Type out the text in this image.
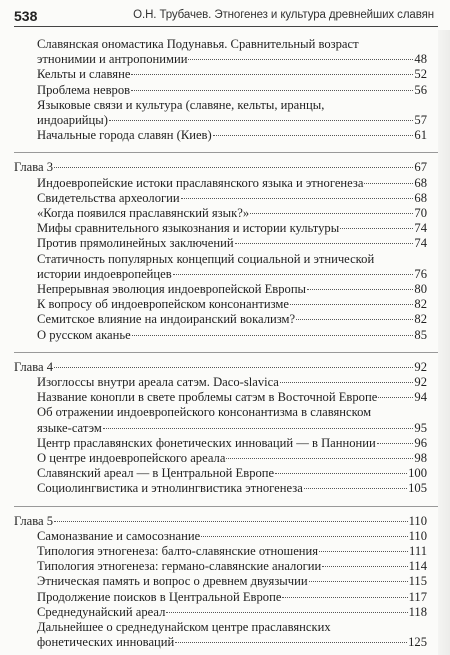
538	О.Н. Трубачев. Этногенез и культура древнейших славян
Славянская ономастика Подунавья. Сравнительный возраст
этнонимии и антропонимии	48
Кельты и славяне	52
Проблема невров	56
Языковые связи и культура (славяне, кельты, иранцы,
индоарийцы)	57
Начальные города славян (Киев)	61
Глава 3	67
Индоевропейские истоки праславянского языка и этногенеза	68
Свидетельства археологии	68
«Когда появился праславянский язык?»	70
Мифы сравнительного языкознания и истории культуры	74
Против прямолинейных заключений	74
Статичность популярных концепций социальной и этнической
истории индоевропейцев	76
Непрерывная эволюция индоевропейской Европы	80
К вопросу об индоевропейском консонантизме	82
Семитское влияние на индоиранский вокализм?	82
О русском аканье	85
Глава 4	92
Изоглоссы внутри ареала сатэм. Daco-slavica	92
Название конопли в свете проблемы сатэм в Восточной Европе	94
Об отражении индоевропейского консонантизма в славянском
языке-сатэм	95
Центр праславянских фонетических инноваций — в Паннонии	96
О центре индоевропейского ареала	98
Славянский ареал — в Центральной Европе	100
Социолингвистика и этнолингвистика этногенеза	105
Глава 5	110
Самоназвание и самосознание	110
Типология этногенеза: балто-славянские отношения	111
Типология этногенеза: германо-славянские аналогии	114
Этническая память и вопрос о древнем двуязычии	115
Продолжение поисков в Центральной Европе	117
Среднедунайский ареал	118
Дальнейшее о среднедунайском центре праславянских
фонетических инноваций	125
